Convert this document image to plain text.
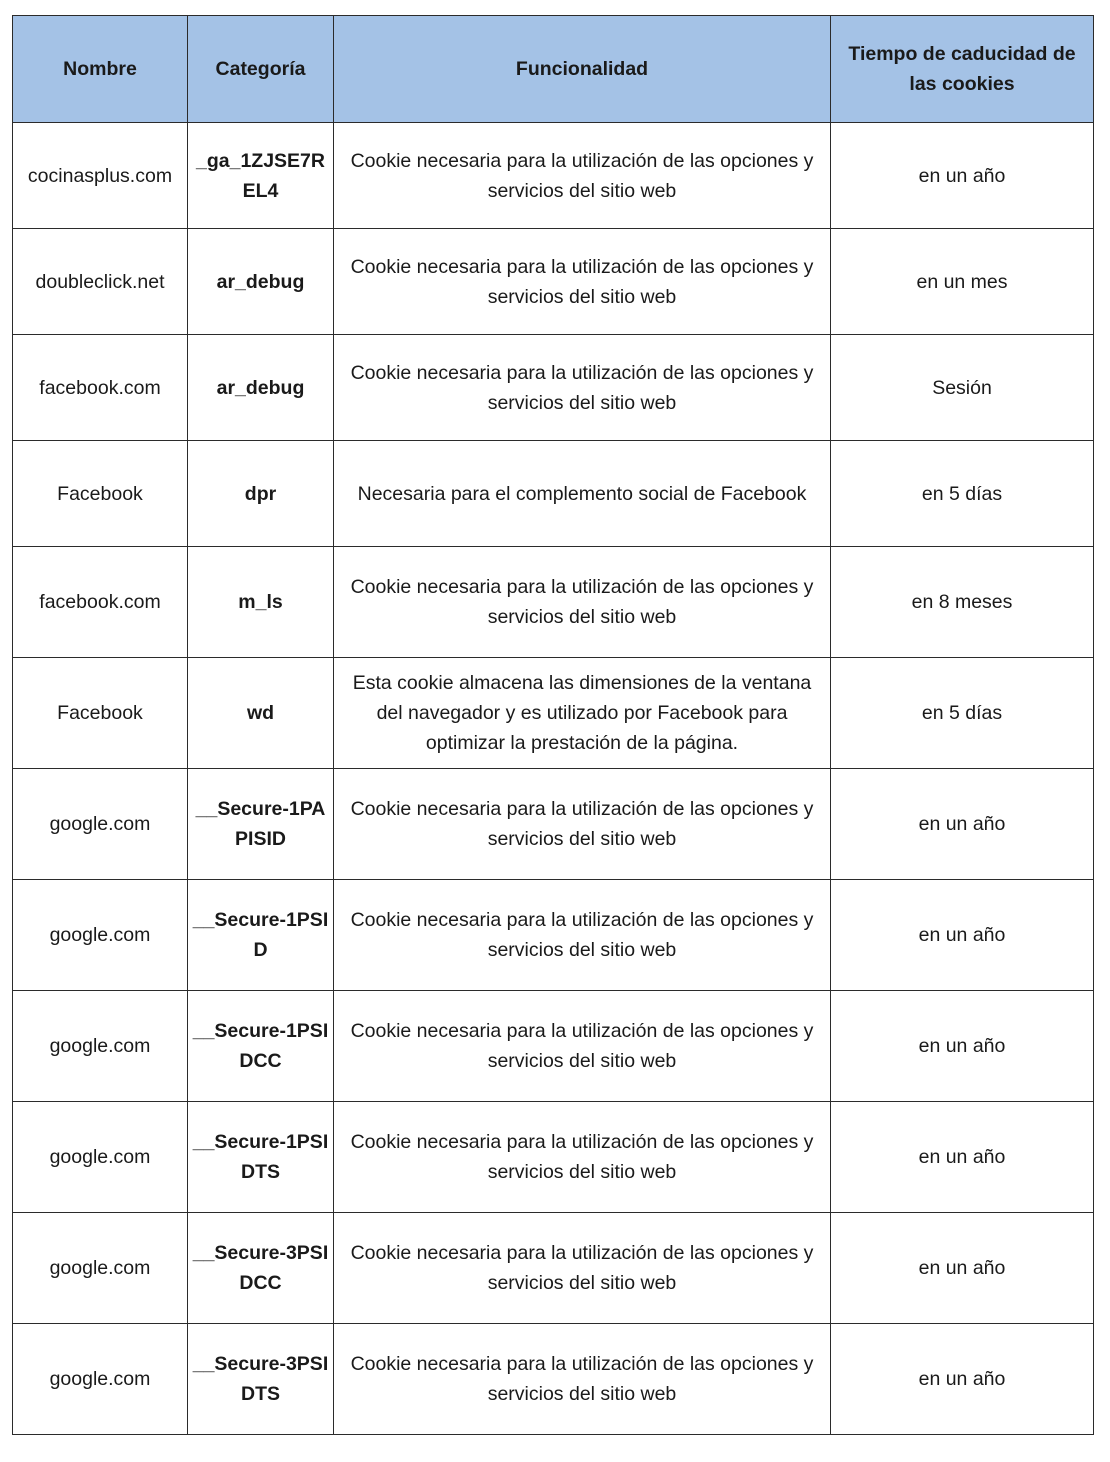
Nombre	Categoría	Funcionalidad	Tiempo de caducidad de las cookies
cocinasplus.com	_ga_1ZJSE7REL4	Cookie necesaria para la utilización de las opciones y servicios del sitio web	en un año
doubleclick.net	ar_debug	Cookie necesaria para la utilización de las opciones y servicios del sitio web	en un mes
facebook.com	ar_debug	Cookie necesaria para la utilización de las opciones y servicios del sitio web	Sesión
Facebook	dpr	Necesaria para el complemento social de Facebook	en 5 días
facebook.com	m_ls	Cookie necesaria para la utilización de las opciones y servicios del sitio web	en 8 meses
Facebook	wd	Esta cookie almacena las dimensiones de la ventana del navegador y es utilizado por Facebook para optimizar la prestación de la página.	en 5 días
google.com	__Secure-1PAPISID	Cookie necesaria para la utilización de las opciones y servicios del sitio web	en un año
google.com	__Secure-1PSID	Cookie necesaria para la utilización de las opciones y servicios del sitio web	en un año
google.com	__Secure-1PSIDCC	Cookie necesaria para la utilización de las opciones y servicios del sitio web	en un año
google.com	__Secure-1PSIDTS	Cookie necesaria para la utilización de las opciones y servicios del sitio web	en un año
google.com	__Secure-3PSIDCC	Cookie necesaria para la utilización de las opciones y servicios del sitio web	en un año
google.com	__Secure-3PSIDTS	Cookie necesaria para la utilización de las opciones y servicios del sitio web	en un año
